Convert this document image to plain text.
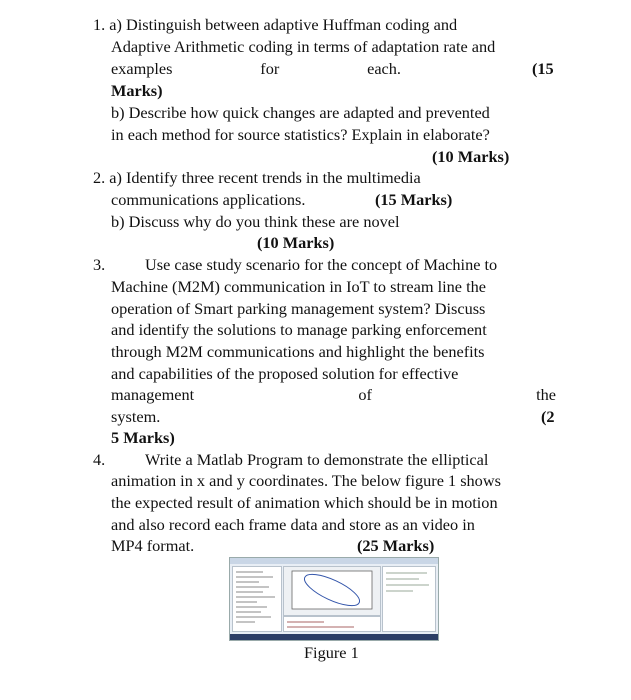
1. a) Distinguish between adaptive Huffman coding and
Adaptive Arithmetic coding in terms of adaptation rate and
examples	for	each.	(15
Marks)
b) Describe how quick changes are adapted and prevented
in each method for source statistics? Explain in elaborate?
(10 Marks)
2. a) Identify three recent trends in the multimedia
communications applications.	(15 Marks)
b) Discuss why do you think these are novel
(10 Marks)
3. Use case study scenario for the concept of Machine to
Machine (M2M) communication in IoT to stream line the
operation of Smart parking management system? Discuss
and identify the solutions to manage parking enforcement
through M2M communications and highlight the benefits
and capabilities of the proposed solution for effective
management	of	the
system.	(2
5 Marks)
4. Write a Matlab Program to demonstrate the elliptical
animation in x and y coordinates. The below figure 1 shows
the expected result of animation which should be in motion
and also record each frame data and store as an video in
MP4 format.	(25 Marks)
Figure 1
